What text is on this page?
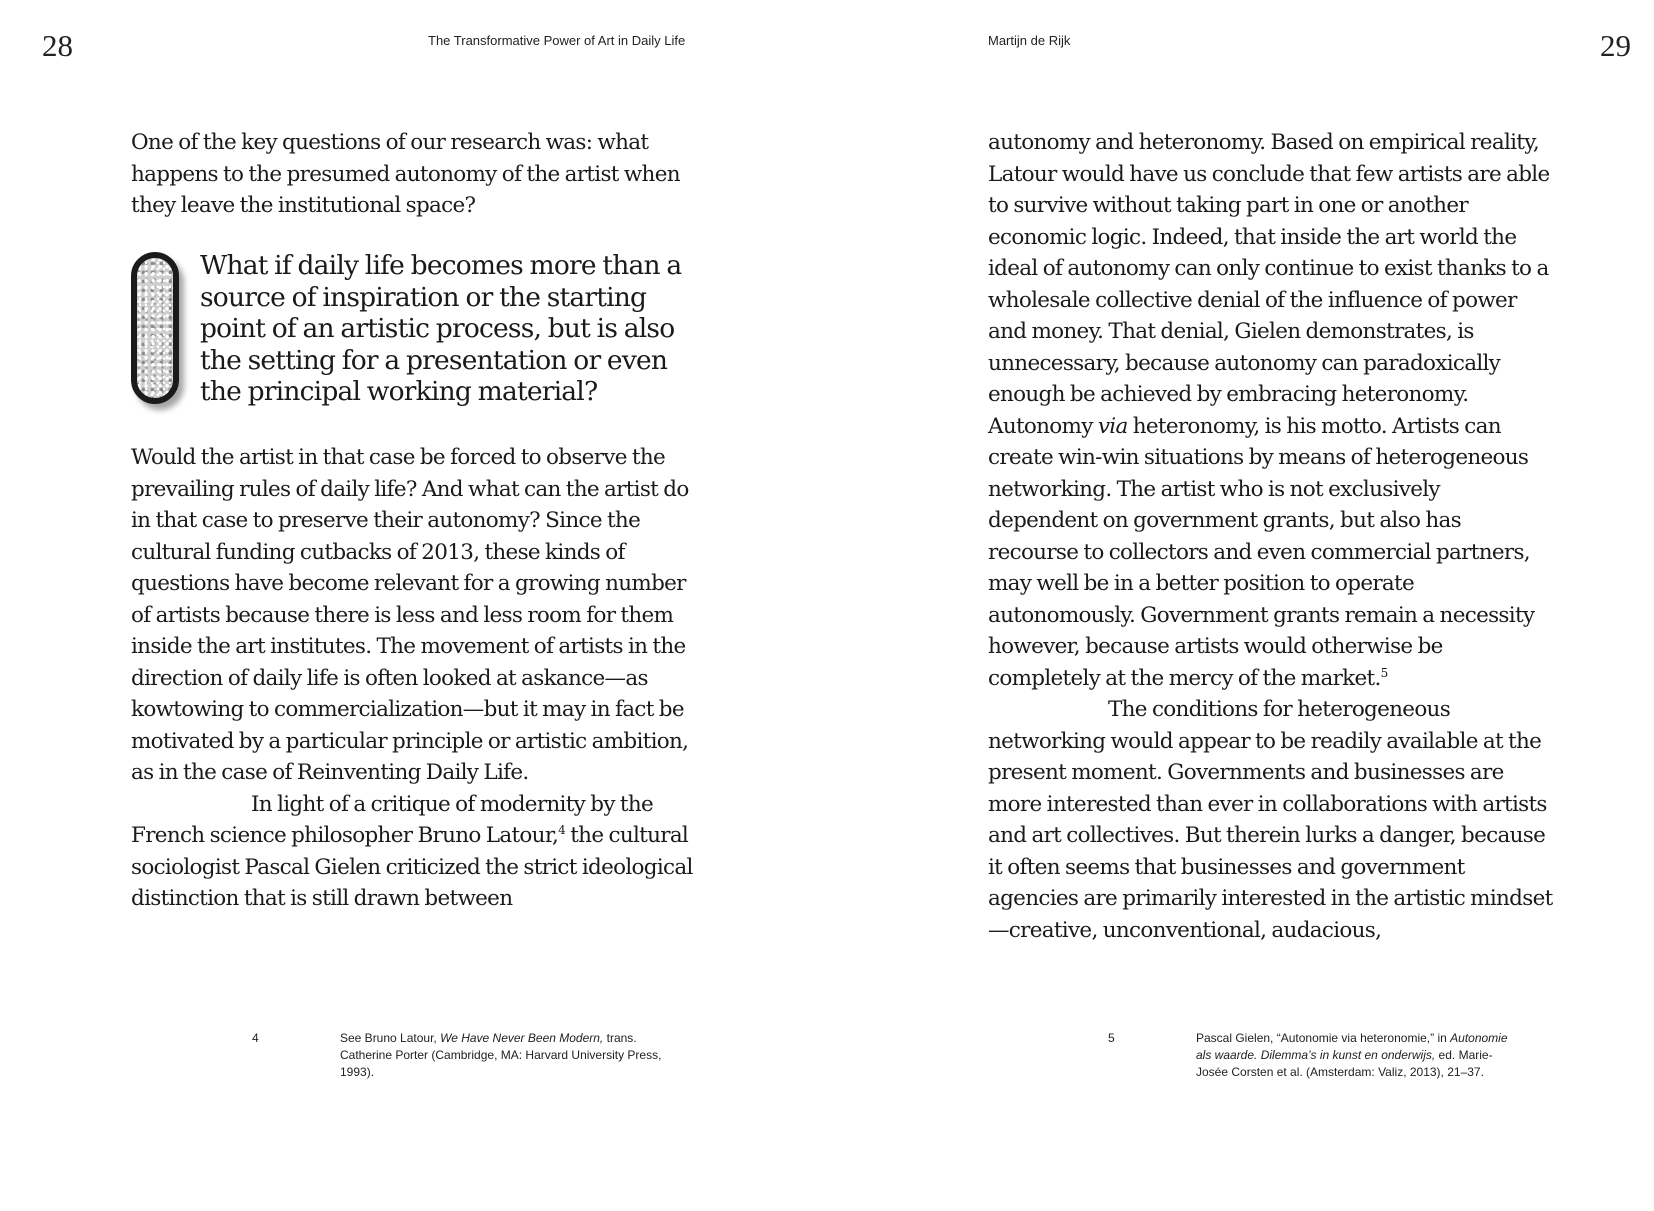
28	The Transformative Power of Art in Daily Life

One of the key questions of our research was: what happens to the presumed autonomy of the artist when they leave the institutional space?

What if daily life becomes more than a source of inspiration or the starting point of an artistic process, but is also the setting for a presentation or even the principal working material?

Would the artist in that case be forced to observe the prevailing rules of daily life? And what can the artist do in that case to preserve their autonomy? Since the cultural funding cutbacks of 2013, these kinds of questions have become relevant for a growing number of artists because there is less and less room for them inside the art institutes. The movement of artists in the direction of daily life is often looked at askance—as kowtowing to commercialization—but it may in fact be motivated by a particular principle or artistic ambition, as in the case of Reinventing Daily Life.

In light of a critique of modernity by the French science philosopher Bruno Latour,$^4$ the cultural sociologist Pascal Gielen criticized the strict ideological distinction that is still drawn between

4	See Bruno Latour, We Have Never Been Modern, trans. Catherine Porter (Cambridge, MA: Harvard University Press, 1993).

Martijn de Rijk	29

autonomy and heteronomy. Based on empirical reality, Latour would have us conclude that few artists are able to survive without taking part in one or another economic logic. Indeed, that inside the art world the ideal of autonomy can only continue to exist thanks to a wholesale collective denial of the influence of power and money. That denial, Gielen demonstrates, is unnecessary, because autonomy can paradoxically enough be achieved by embracing heteronomy. Autonomy via heteronomy, is his motto. Artists can create win-win situations by means of heterogeneous networking. The artist who is not exclusively dependent on government grants, but also has recourse to collectors and even commercial partners, may well be in a better position to operate autonomously. Government grants remain a necessity however, because artists would otherwise be completely at the mercy of the market.$^5$

The conditions for heterogeneous networking would appear to be readily available at the present moment. Governments and businesses are more interested than ever in collaborations with artists and art collectives. But therein lurks a danger, because it often seems that businesses and government agencies are primarily interested in the artistic mindset—creative, unconventional, audacious,

5	Pascal Gielen, “Autonomie via heteronomie,” in Autonomie als waarde. Dilemma’s in kunst en onderwijs, ed. Marie-Josée Corsten et al. (Amsterdam: Valiz, 2013), 21–37.
